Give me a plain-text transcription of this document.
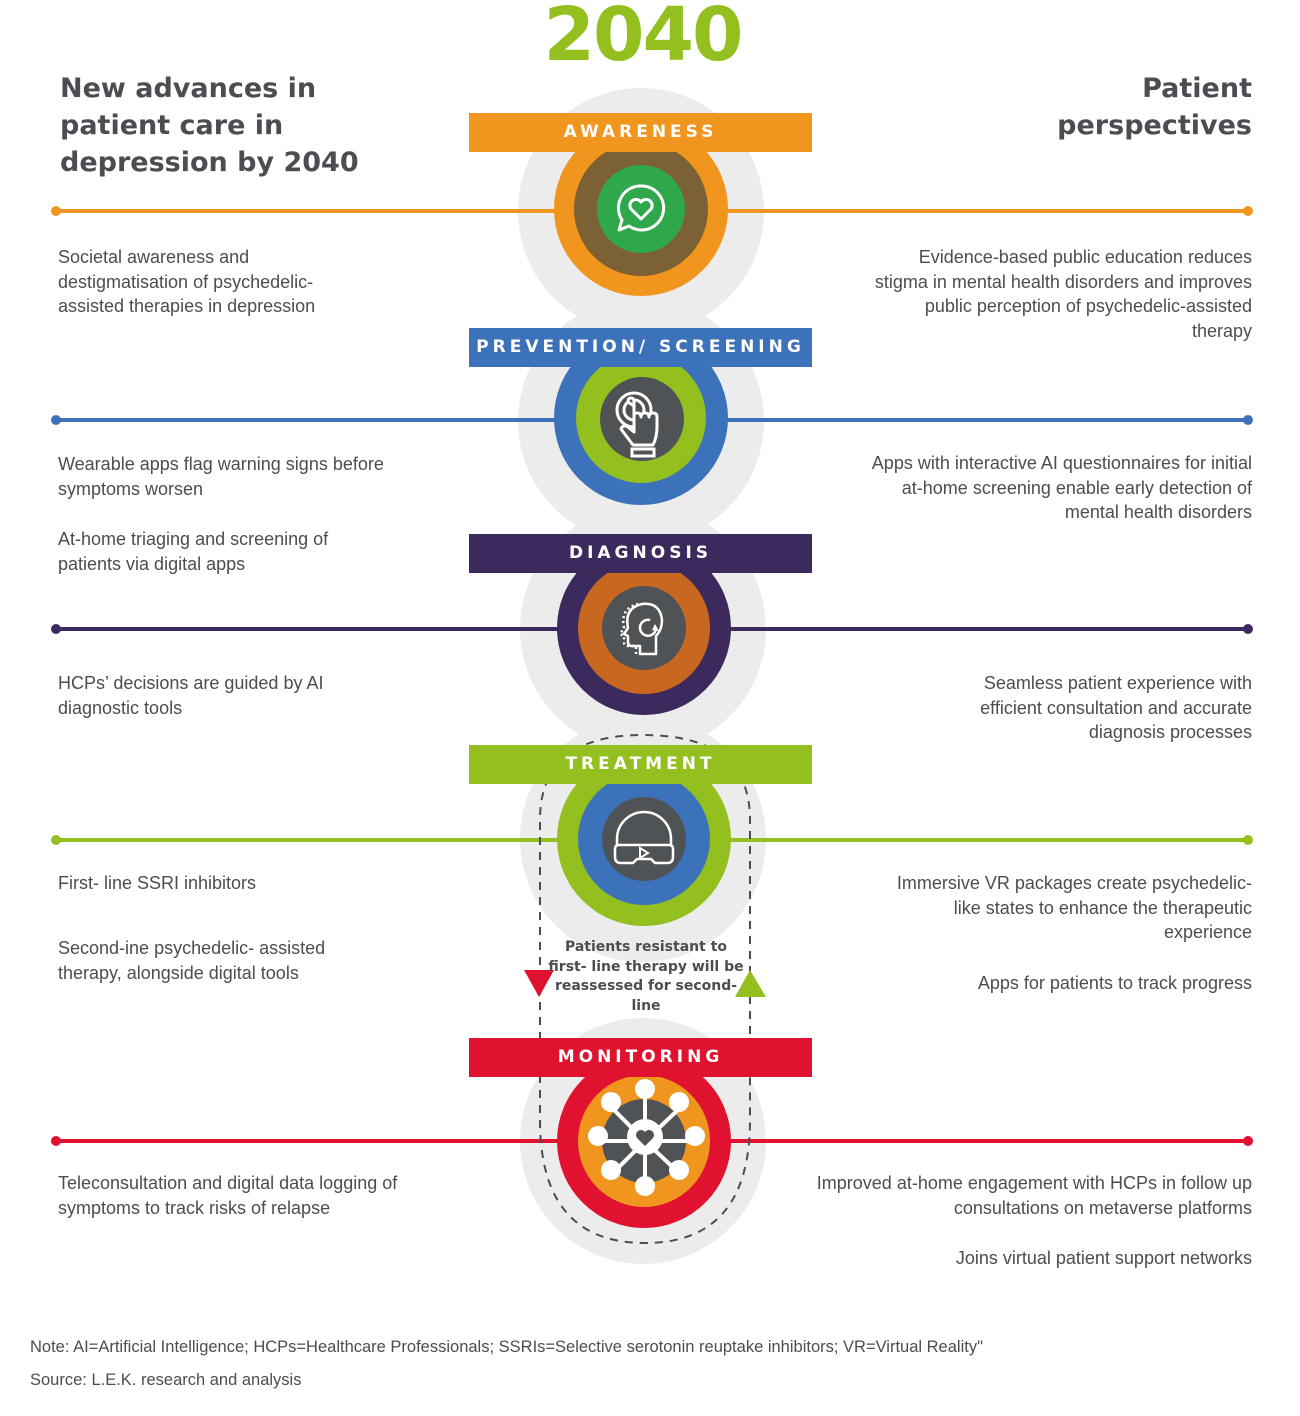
2040
New advances in patient care in depression by 2040
Patient perspectives
AWARENESS
PREVENTION/ SCREENING
DIAGNOSIS
TREATMENT
MONITORING
Patients resistant to first- line therapy will be reassessed for second-line
Societal awareness and destigmatisation of psychedelic-assisted therapies in depression
Wearable apps flag warning signs before symptoms worsen
At-home triaging and screening of patients via digital apps
HCPs’ decisions are guided by AI diagnostic tools
First- line SSRI inhibitors
Second-ine psychedelic- assisted therapy, alongside digital tools
Teleconsultation and digital data logging of symptoms to track risks of relapse
Evidence-based public education reduces stigma in mental health disorders and improves public perception of psychedelic-assisted therapy
Apps with interactive AI questionnaires for initial at-home screening enable early detection of mental health disorders
Seamless patient experience with efficient consultation and accurate diagnosis processes
Immersive VR packages create psychedelic-like states to enhance the therapeutic experience
Apps for patients to track progress
Improved at-home engagement with HCPs in follow up consultations on metaverse platforms
Joins virtual patient support networks
Note: AI=Artificial Intelligence; HCPs=Healthcare Professionals; SSRIs=Selective serotonin reuptake inhibitors; VR=Virtual Reality"
Source: L.E.K. research and analysis
